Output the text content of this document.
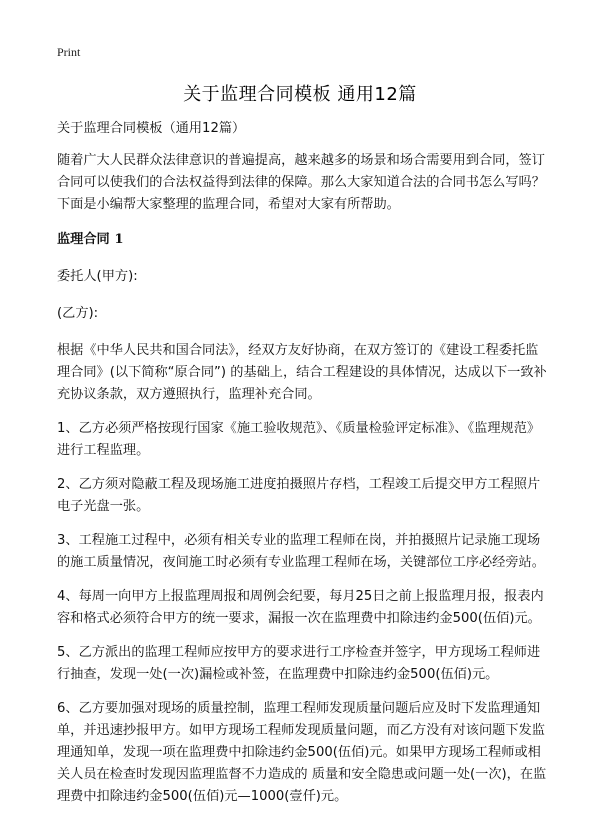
Print
关于监理合同模板 通用12篇

关于监理合同模板（通用12篇）

随着广大人民群众法律意识的普遍提高，越来越多的场景和场合需要用到合同，签订合同可以使我们的合法权益得到法律的保障。那么大家知道合法的合同书怎么写吗？下面是小编帮大家整理的监理合同，希望对大家有所帮助。

监理合同 1

委托人(甲方):

(乙方):

根据《中华人民共和国合同法》，经双方友好协商，在双方签订的《建设工程委托监理合同》(以下简称“原合同”) 的基础上，结合工程建设的具体情况，达成以下一致补充协议条款，双方遵照执行，监理补充合同。

1、乙方必须严格按现行国家《施工验收规范》、《质量检验评定标准》、《监理规范》进行工程监理。

2、乙方须对隐蔽工程及现场施工进度拍摄照片存档，工程竣工后提交甲方工程照片电子光盘一张。

3、工程施工过程中，必须有相关专业的监理工程师在岗，并拍摄照片记录施工现场的施工质量情况，夜间施工时必须有专业监理工程师在场，关键部位工序必经旁站。

4、每周一向甲方上报监理周报和周例会纪要，每月25日之前上报监理月报，报表内容和格式必须符合甲方的统一要求，漏报一次在监理费中扣除违约金500(伍佰)元。

5、乙方派出的监理工程师应按甲方的要求进行工序检查并签字，甲方现场工程师进行抽查，发现一处(一次)漏检或补签，在监理费中扣除违约金500(伍佰)元。

6、乙方要加强对现场的质量控制，监理工程师发现质量问题后应及时下发监理通知单，并迅速抄报甲方。如甲方现场工程师发现质量问题，而乙方没有对该问题下发监理通知单，发现一项在监理费中扣除违约金500(伍佰)元。如果甲方现场工程师或相关人员在检查时发现因监理监督不力造成的 质量和安全隐患或问题一处(一次)，在监理费中扣除违约金500(伍佰)元—1000(壹仟)元。
